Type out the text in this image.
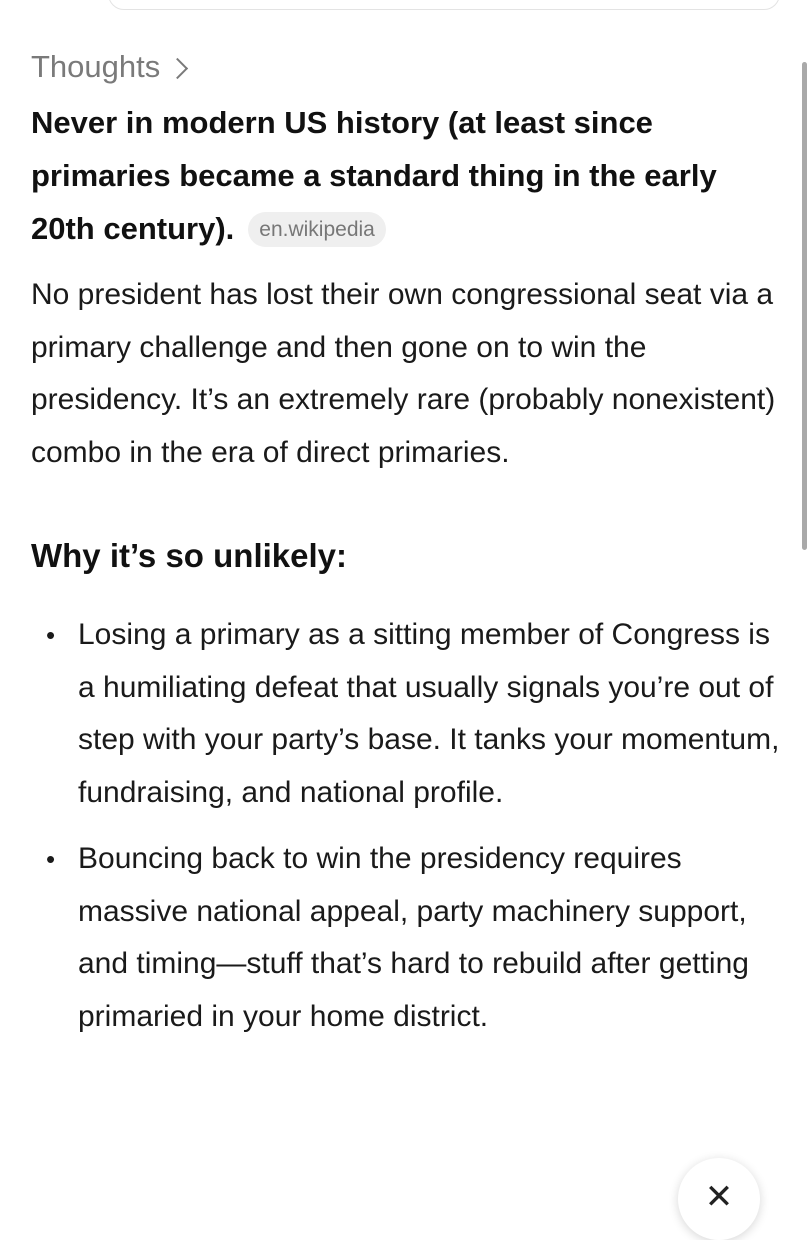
Thoughts

Never in modern US history (at least since primaries became a standard thing in the early 20th century). en.wikipedia

No president has lost their own congressional seat via a primary challenge and then gone on to win the presidency. It’s an extremely rare (probably nonexistent) combo in the era of direct primaries.

Why it’s so unlikely:
• Losing a primary as a sitting member of Congress is a humiliating defeat that usually signals you’re out of step with your party’s base. It tanks your momentum, fundraising, and national profile.
• Bouncing back to win the presidency requires massive national appeal, party machinery support, and timing—stuff that’s hard to rebuild after getting primaried in your home district.
✕
